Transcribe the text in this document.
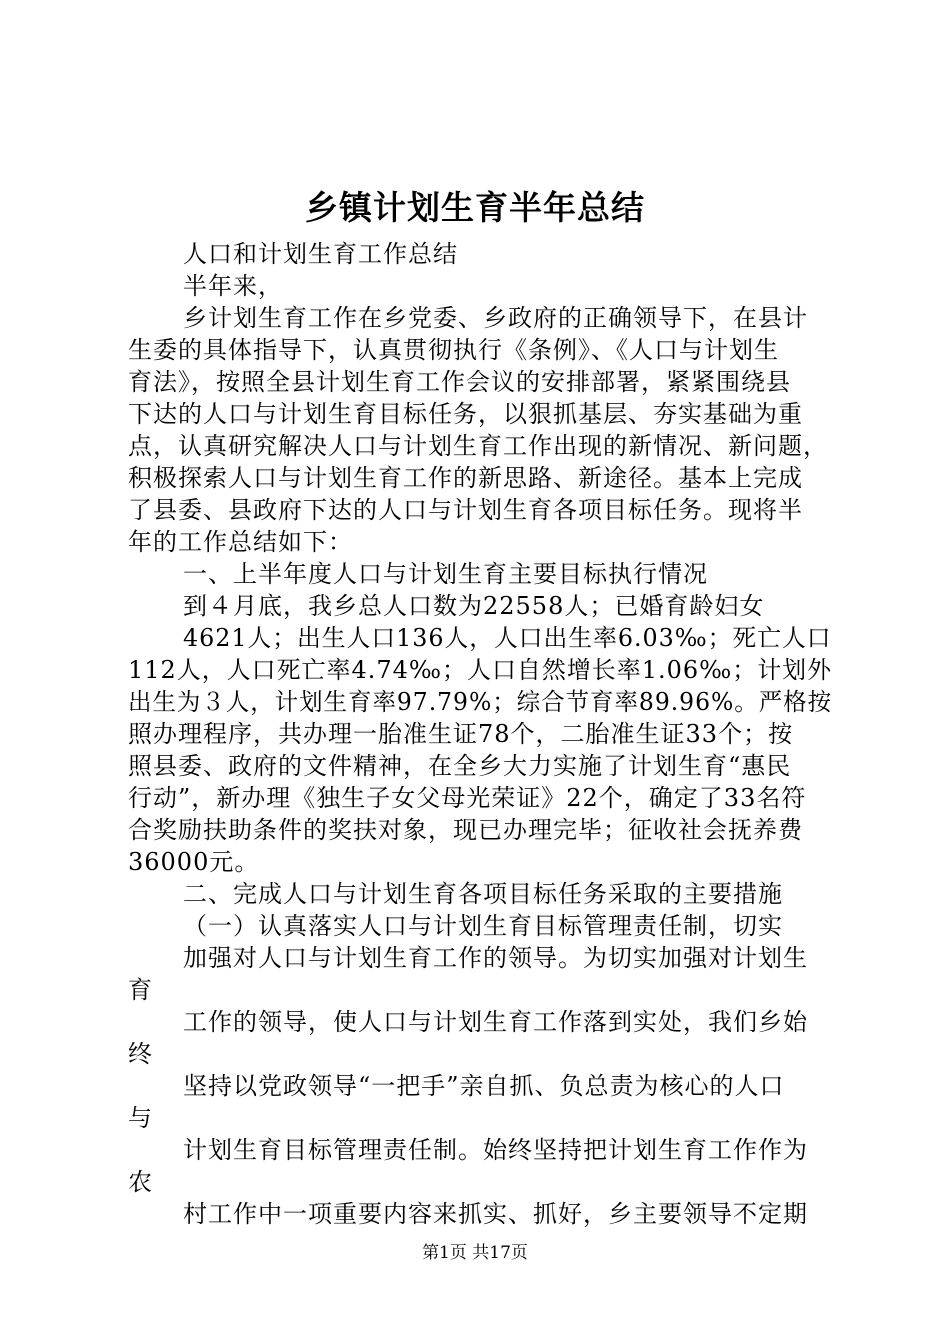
乡镇计划生育半年总结
人口和计划生育工作总结
半年来，
乡计划生育工作在乡党委、乡政府的正确领导下，在县计
生委的具体指导下，认真贯彻执行《条例》、《人口与计划生
育法》，按照全县计划生育工作会议的安排部署，紧紧围绕县
下达的人口与计划生育目标任务，以狠抓基层、夯实基础为重
点，认真研究解决人口与计划生育工作出现的新情况、新问题，
积极探索人口与计划生育工作的新思路、新途径。基本上完成
了县委、县政府下达的人口与计划生育各项目标任务。现将半
年的工作总结如下：
一、上半年度人口与计划生育主要目标执行情况
到４月底，我乡总人口数为22558人；已婚育龄妇女
4621人；出生人口136人，人口出生率6.03‰；死亡人口
112人，人口死亡率4.74‰；人口自然增长率1.06‰；计划外
出生为３人，计划生育率97.79%；综合节育率89.96%。严格按
照办理程序，共办理一胎准生证78个，二胎准生证33个；按
照县委、政府的文件精神，在全乡大力实施了计划生育“惠民
行动”，新办理《独生子女父母光荣证》22个，确定了33名符
合奖励扶助条件的奖扶对象，现已办理完毕；征收社会抚养费
36000元。
二、完成人口与计划生育各项目标任务采取的主要措施
（一）认真落实人口与计划生育目标管理责任制，切实
加强对人口与计划生育工作的领导。为切实加强对计划生
育
工作的领导，使人口与计划生育工作落到实处，我们乡始
终
坚持以党政领导“一把手”亲自抓、负总责为核心的人口
与
计划生育目标管理责任制。始终坚持把计划生育工作作为
农
村工作中一项重要内容来抓实、抓好，乡主要领导不定期
第1页 共17页
